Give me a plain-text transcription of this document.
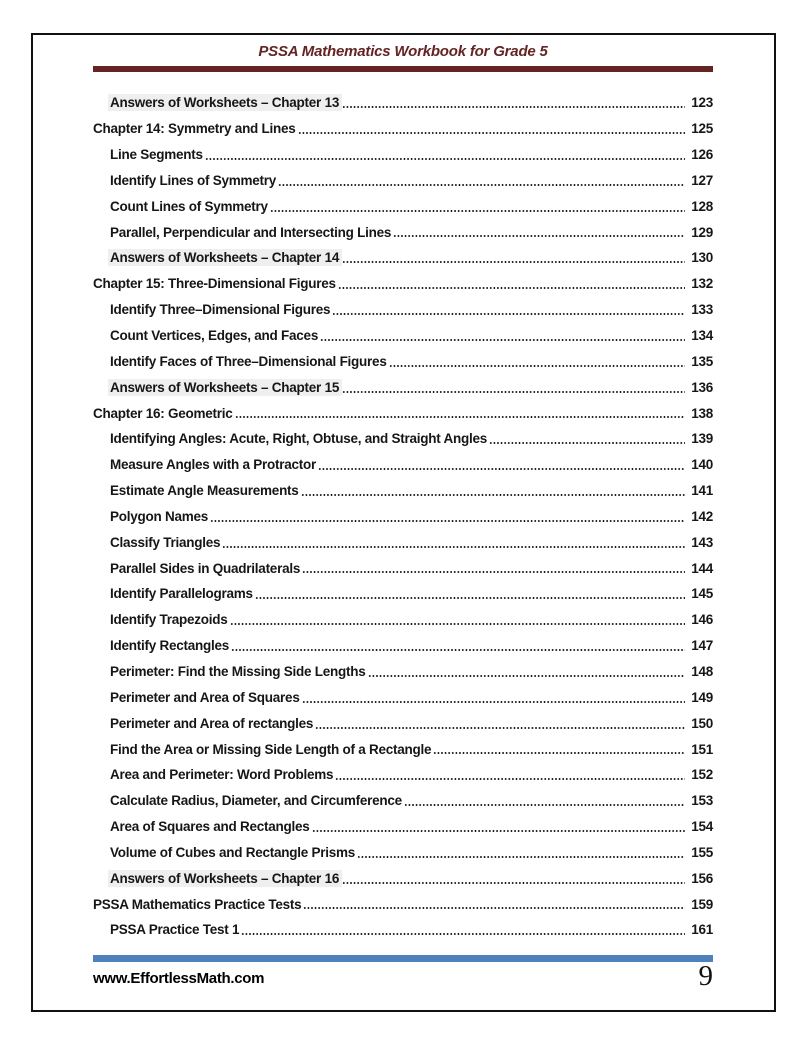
PSSA Mathematics Workbook for Grade 5
Answers of Worksheets – Chapter 13	123
Chapter 14: Symmetry and Lines	125
Line Segments	126
Identify Lines of Symmetry	127
Count Lines of Symmetry	128
Parallel, Perpendicular and Intersecting Lines	129
Answers of Worksheets – Chapter 14	130
Chapter 15: Three-Dimensional Figures	132
Identify Three–Dimensional Figures	133
Count Vertices, Edges, and Faces	134
Identify Faces of Three–Dimensional Figures	135
Answers of Worksheets – Chapter 15	136
Chapter 16: Geometric	138
Identifying Angles: Acute, Right, Obtuse, and Straight Angles	139
Measure Angles with a Protractor	140
Estimate Angle Measurements	141
Polygon Names	142
Classify Triangles	143
Parallel Sides in Quadrilaterals	144
Identify Parallelograms	145
Identify Trapezoids	146
Identify Rectangles	147
Perimeter: Find the Missing Side Lengths	148
Perimeter and Area of Squares	149
Perimeter and Area of rectangles	150
Find the Area or Missing Side Length of a Rectangle	151
Area and Perimeter: Word Problems	152
Calculate Radius, Diameter, and Circumference	153
Area of Squares and Rectangles	154
Volume of Cubes and Rectangle Prisms	155
Answers of Worksheets – Chapter 16	156
PSSA Mathematics Practice Tests	159
PSSA Practice Test 1	161
www.EffortlessMath.com	9
